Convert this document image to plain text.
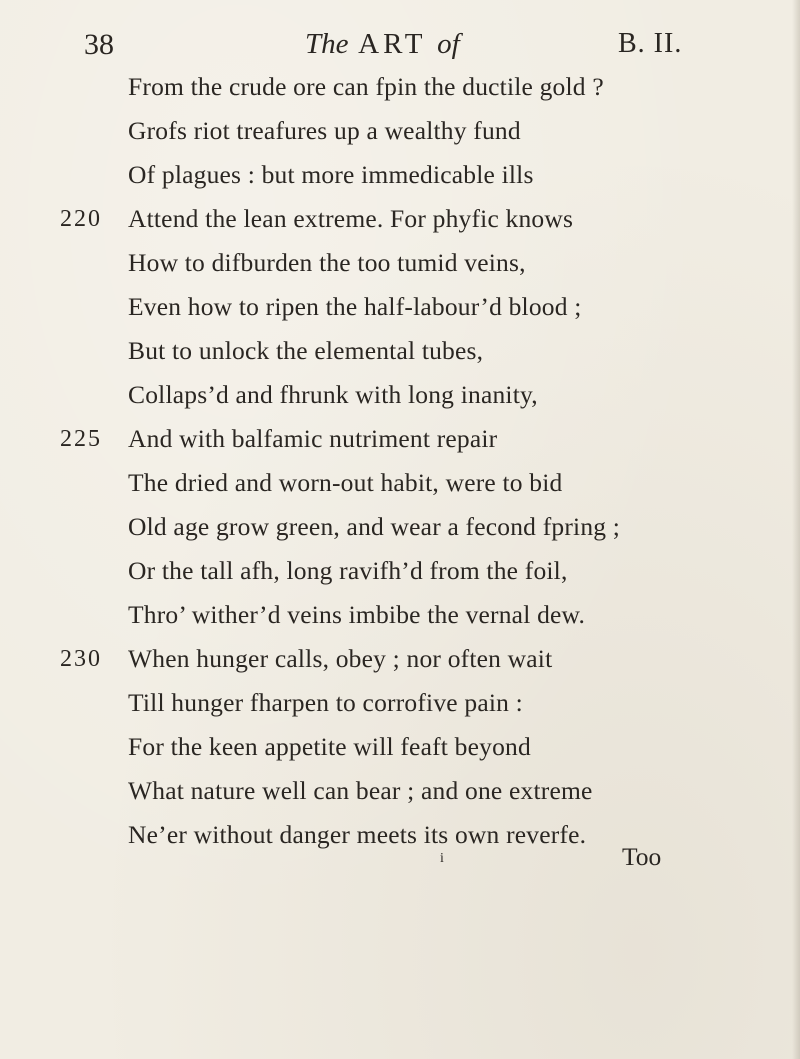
38	The ART of	B. II.
From the crude ore can fpin the ductile gold ?
Grofs riot treafures up a wealthy fund
Of plagues : but more immedicable ills
220 Attend the lean extreme. For phyfic knows
How to difburden the too tumid veins,
Even how to ripen the half-labour’d blood ;
But to unlock the elemental tubes,
Collaps’d and fhrunk with long inanity,
225 And with balfamic nutriment repair
The dried and worn-out habit, were to bid
Old age grow green, and wear a fecond fpring ;
Or the tall afh, long ravifh’d from the foil,
Thro’ wither’d veins imbibe the vernal dew.
230 When hunger calls, obey ; nor often wait
Till hunger fharpen to corrofive pain :
For the keen appetite will feaft beyond
What nature well can bear ; and one extreme
Ne’er without danger meets its own reverfe.
i	Too
